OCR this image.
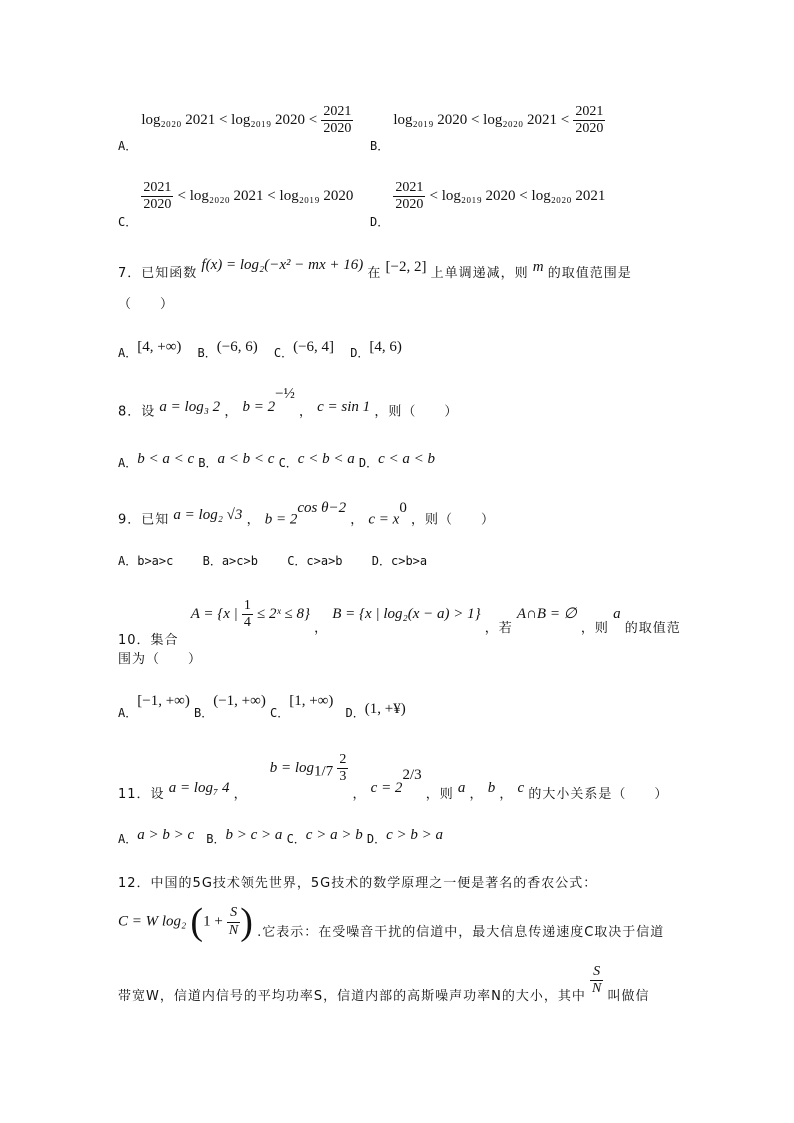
A． log₂₀₂₀ 2021 < log₂₀₁₉ $2020 < \frac{2021}{2020}$
B． log₂₀₁₉ 2020 < log₂₀₂₀ $2021 < \frac{2021}{2020}$
C．
$\frac{2021}{2020} < \log_{2020}$ 2021 < log₂₀₁₉ 2020
D．
$\frac{2021}{2020} < \log_{2019}$ 2020 < log₂₀₂₀ 2021
7．已知函数 f(x) = log₂(−x² − mx + 16) 在 [−2, 2] 上单调递减，则 m 的取值范围是
（　　）
A．[4, +∞) B．(−6, 6) C．(−6, 4] D．[4, 6)
8．设 a = log₃ 2 ， $b = 2^{-\frac{1}{2}}$ ， c = sin 1 ，则（　　）
A．b < a < c B．a < b < c C．c < b < a D．c < a < b
9．已知 a = log₂ √3 ， $b = 2^{cos \theta-2}$ ， $c = x^0$ ，则（　　）
A．b>a>c B．a>c>b C．c>a>b D．c>b>a
10．集合 A = {x | $\frac{1}{4}$ ≤ 2ˣ ≤ 8} ， B = {x | log₂(x − a) > 1} ，若 A∩B = ∅ ，则 a 的取值范
围为（　　）
A．[−1, +∞) B．(−1, +∞) C．[1, +∞) D．(1, +¥)
11．设 a = log₇ 4 ， $b = \log_{1/7} \frac{2}{3}$
， $c = 2^{2/3}$ ，则 a ， b ， c 的大小关系是（　　）
A．a > b > c B．b > c > a C．c > a > b D．c > b > a
12．中国的5G技术领先世界，5G技术的数学原理之一便是著名的香农公式：
C = W log₂ ($1 + \frac{S}{N}$ ) .它表示：在受噪音干扰的信道中，最大信息传递速度C取决于信道
带宽W，信道内信号的平均功率S，信道内部的高斯噪声功率N的大小，其中 $\frac{S}{N}$ 叫做信
